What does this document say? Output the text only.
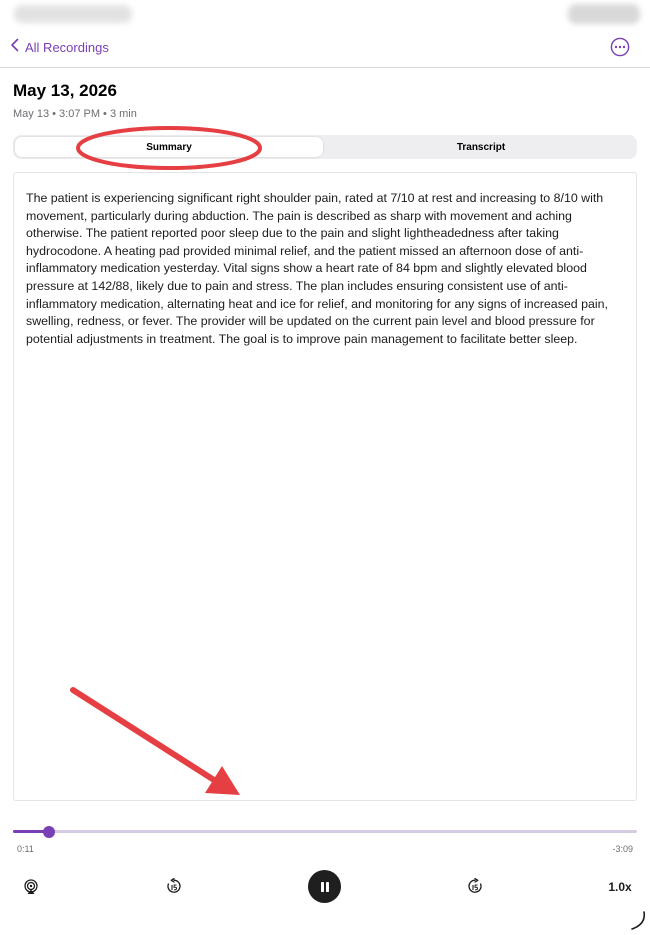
All Recordings
May 13, 2026
May 13 • 3:07 PM • 3 min
Summary	Transcript

The patient is experiencing significant right shoulder pain, rated at 7/10 at rest and increasing to 8/10 with movement, particularly during abduction. The pain is described as sharp with movement and aching otherwise. The patient reported poor sleep due to the pain and slight lightheadedness after taking hydrocodone. A heating pad provided minimal relief, and the patient missed an afternoon dose of anti-inflammatory medication yesterday. Vital signs show a heart rate of 84 bpm and slightly elevated blood pressure at 142/88, likely due to pain and stress. The plan includes ensuring consistent use of anti-inflammatory medication, alternating heat and ice for relief, and monitoring for any signs of increased pain, swelling, redness, or fever. The provider will be updated on the current pain level and blood pressure for potential adjustments in treatment. The goal is to improve pain management to facilitate better sleep.

0:11	-3:09
1.0x
